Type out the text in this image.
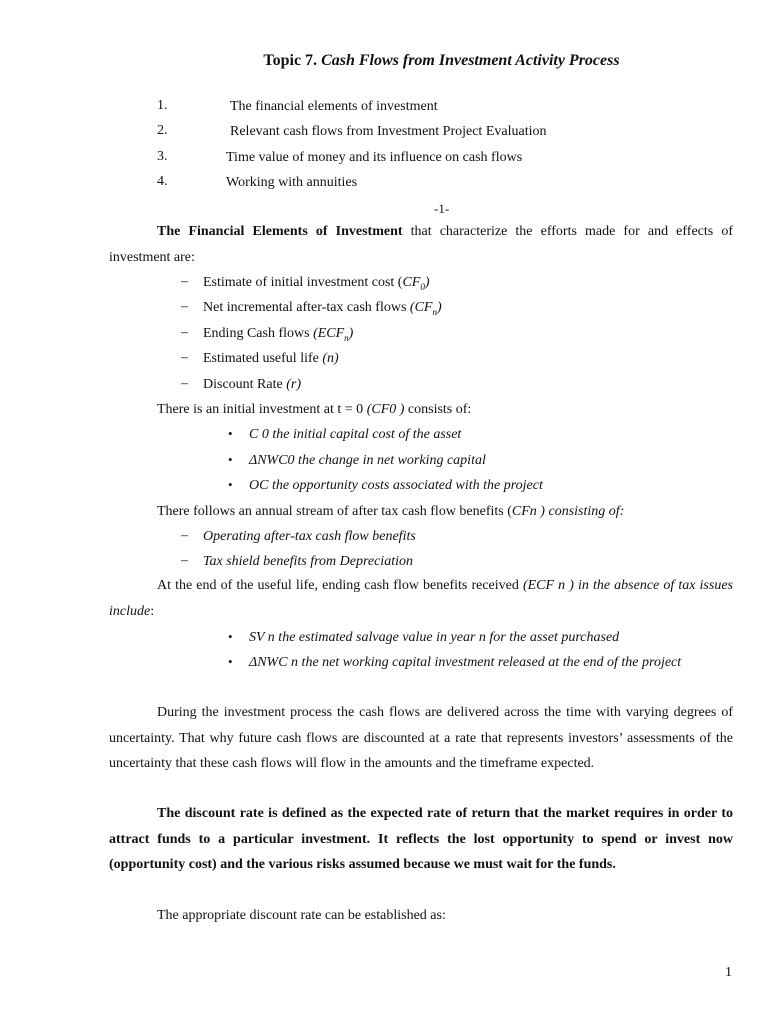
Topic 7. Cash Flows from Investment Activity Process
1.	The financial elements of investment
2.	Relevant cash flows from Investment Project Evaluation
3.	Time value of money and its influence on cash flows
4.	Working with annuities
-1-
The Financial Elements of Investment that characterize the efforts made for and effects of investment are:
– Estimate of initial investment cost $(CF_0)$
– Net incremental after-tax cash flows $(CF_n)$
– Ending Cash flows $(ECF_n)$
– Estimated useful life (n)
– Discount Rate (r)
There is an initial investment at t = 0 (CF0 ) consists of:
• C 0 the initial capital cost of the asset
• ΔNWC0 the change in net working capital
• OC the opportunity costs associated with the project
There follows an annual stream of after tax cash flow benefits (CFn ) consisting of:
– Operating after-tax cash flow benefits
– Tax shield benefits from Depreciation
At the end of the useful life, ending cash flow benefits received (ECF n ) in the absence of tax issues include:
• SV n the estimated salvage value in year n for the asset purchased
• ΔNWC n the net working capital investment released at the end of the project
During the investment process the cash flows are delivered across the time with varying degrees of uncertainty. That why future cash flows are discounted at a rate that represents investors’ assessments of the uncertainty that these cash flows will flow in the amounts and the timeframe expected.
The discount rate is defined as the expected rate of return that the market requires in order to attract funds to a particular investment. It reflects the lost opportunity to spend or invest now (opportunity cost) and the various risks assumed because we must wait for the funds.
The appropriate discount rate can be established as:
1
